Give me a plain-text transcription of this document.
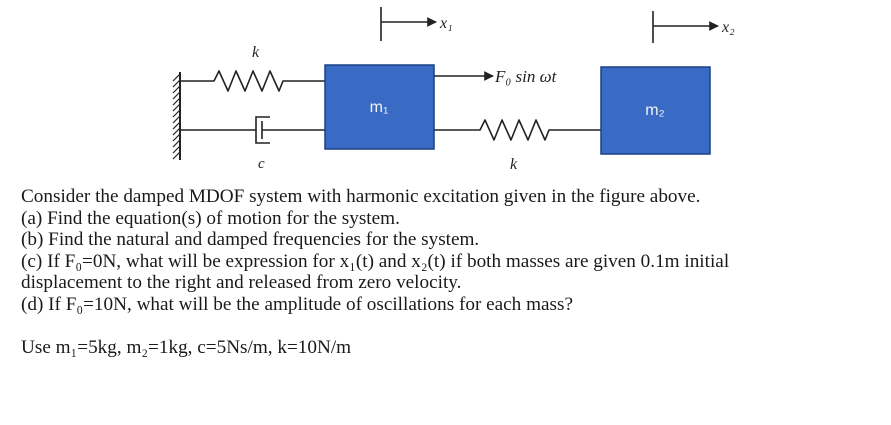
k
c
m₁
x₁
F₀ sin ωt
k
m₂
x₂

Consider the damped MDOF system with harmonic excitation given in the figure above.

(a) Find the equation(s) of motion for the system.

(b) Find the natural and damped frequencies for the system.

(c) If F₀=0N, what will be expression for x₁(t) and x₂(t) if both masses are given 0.1m initial

displacement to the right and released from zero velocity.

(d) If F₀=10N, what will be the amplitude of oscillations for each mass?

Use m₁=5kg, m₂=1kg, c=5Ns/m, k=10N/m
